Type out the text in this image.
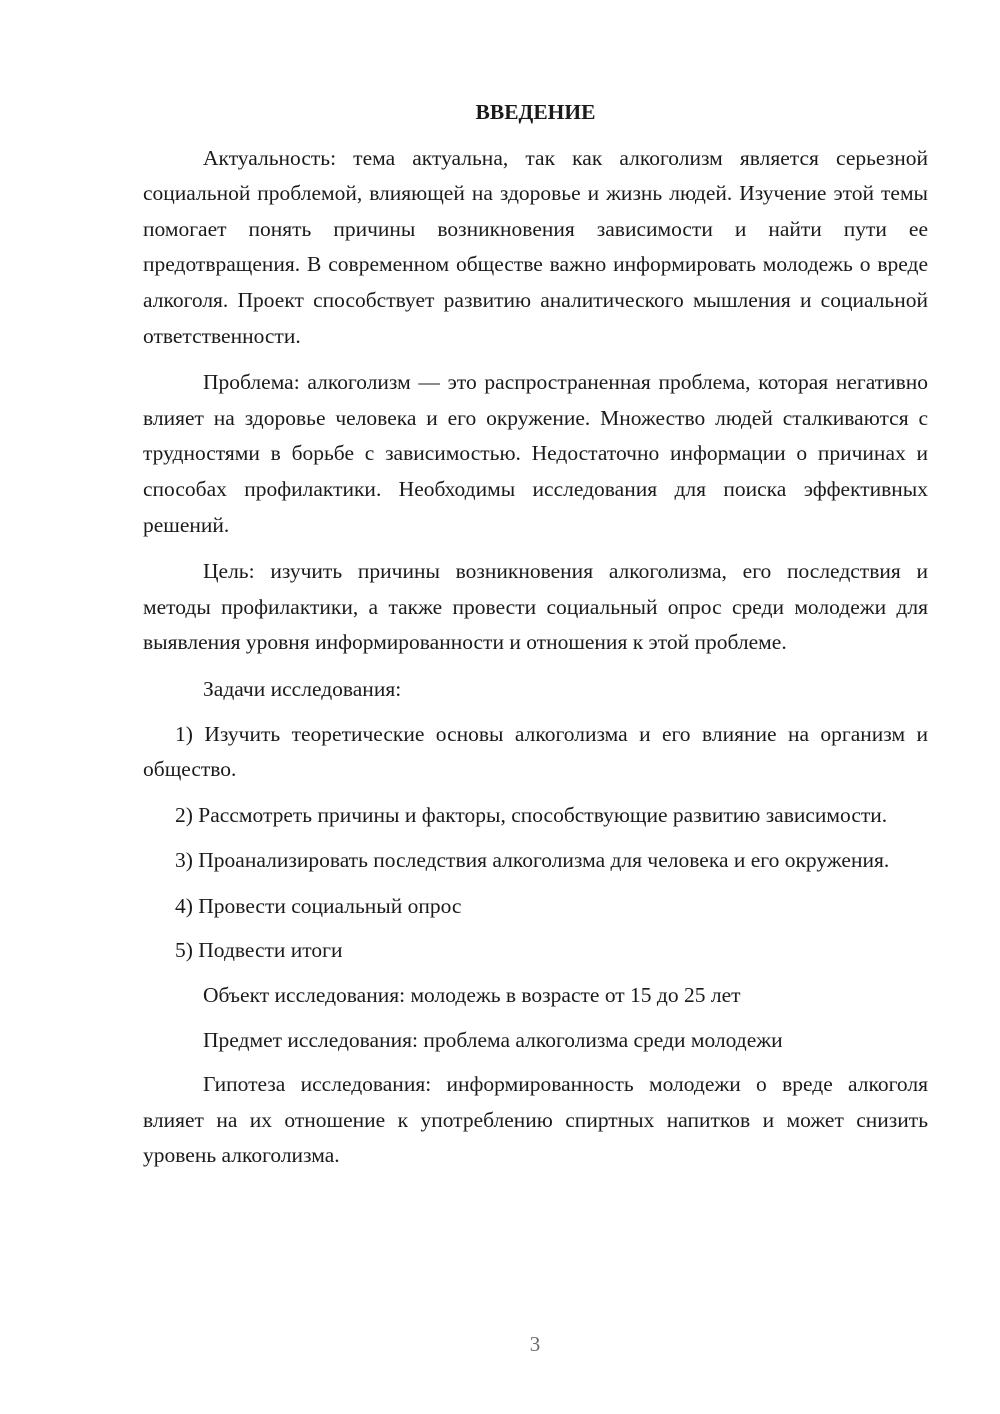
ВВЕДЕНИЕ

Актуальность: тема актуальна, так как алкоголизм является серьезной социальной проблемой, влияющей на здоровье и жизнь людей. Изучение этой темы помогает понять причины возникновения зависимости и найти пути ее предотвращения. В современном обществе важно информировать молодежь о вреде алкоголя. Проект способствует развитию аналитического мышления и социальной ответственности.

Проблема: алкоголизм — это распространенная проблема, которая негативно влияет на здоровье человека и его окружение. Множество людей сталкиваются с трудностями в борьбе с зависимостью. Недостаточно информации о причинах и способах профилактики. Необходимы исследования для поиска эффективных решений.

Цель: изучить причины возникновения алкоголизма, его последствия и методы профилактики, а также провести социальный опрос среди молодежи для выявления уровня информированности и отношения к этой проблеме.

Задачи исследования:

1) Изучить теоретические основы алкоголизма и его влияние на организм и общество.

2) Рассмотреть причины и факторы, способствующие развитию зависимости.

3) Проанализировать последствия алкоголизма для человека и его окружения.

4) Провести социальный опрос

5) Подвести итоги

Объект исследования: молодежь в возрасте от 15 до 25 лет

Предмет исследования: проблема алкоголизма среди молодежи

Гипотеза исследования: информированность молодежи о вреде алкоголя влияет на их отношение к употреблению спиртных напитков и может снизить уровень алкоголизма.

3
